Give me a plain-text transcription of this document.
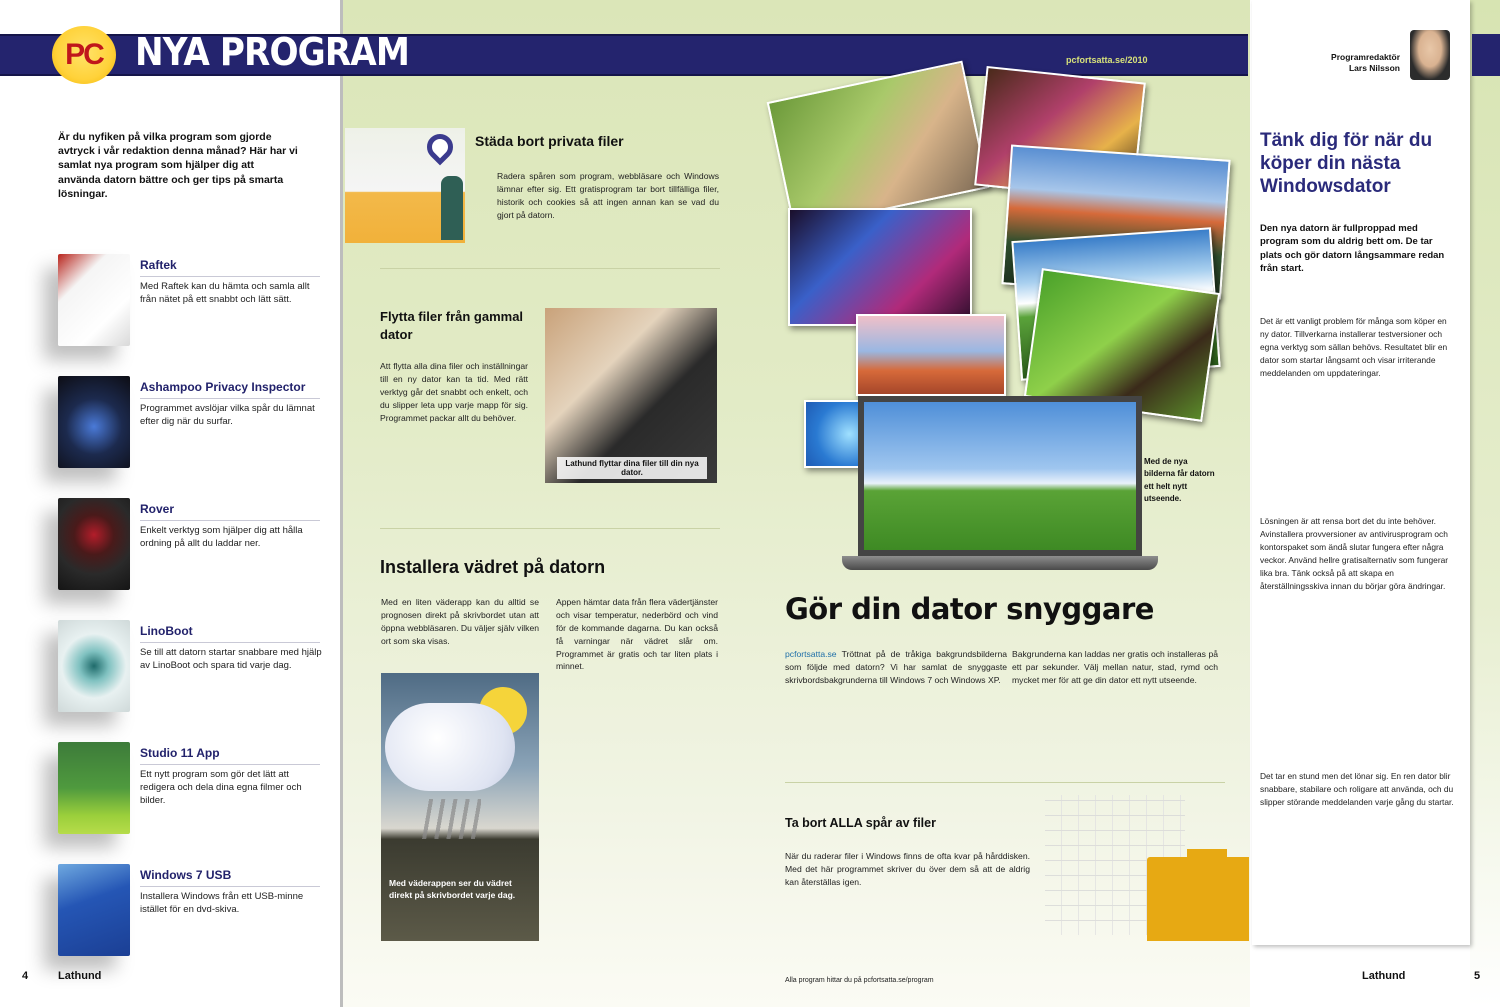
PC NYA PROGRAM	pcfortsatta.se/2010
Är du nyfiken på vilka program som gjorde avtryck i vår redaktion denna månad? Här har vi samlat nya program som hjälper dig att använda datorn bättre och ger tips på smarta lösningar.
Raftek
Med Raftek kan du hämta och samla allt från nätet på ett snabbt och lätt sätt.
Ashampoo Privacy Inspector
Programmet avslöjar vilka spår du lämnat efter dig när du surfar.
Rover
Enkelt verktyg som hjälper dig att hålla ordning på allt du laddar ner.
LinoBoot
Se till att datorn startar snabbare med hjälp av LinoBoot och spara tid varje dag.
Studio 11 App
Ett nytt program som gör det lätt att redigera och dela dina egna filmer och bilder.
Windows 7 USB
Installera Windows från ett USB-minne istället för en dvd-skiva.
4	Lathund
Städa bort privata filer
Radera spåren som program, webbläsare och Windows lämnar efter sig. Ett gratisprogram tar bort tillfälliga filer, historik och cookies så att ingen annan kan se vad du gjort på datorn.
Flytta filer från gammal dator
Att flytta alla dina filer och inställningar till en ny dator kan ta tid. Med rätt verktyg går det snabbt och enkelt, och du slipper leta upp varje mapp för sig. Programmet packar allt du behöver.
Lathund flyttar dina filer till din nya dator.
Installera vädret på datorn
Med en liten väderapp kan du alltid se prognosen direkt på skrivbordet utan att öppna webbläsaren. Du väljer själv vilken ort som ska visas.
Med väderappen ser du vädret direkt på skrivbordet varje dag.
Appen hämtar data från flera vädertjänster och visar temperatur, nederbörd och vind för de kommande dagarna. Du kan också få varningar när vädret slår om. Programmet är gratis och tar liten plats i minnet.
Med de nya bilderna får datorn ett helt nytt utseende.
Gör din dator snyggare
pcfortsatta.se Tröttnat på de tråkiga bakgrundsbilderna som följde med datorn? Vi har samlat de snyggaste skrivbordsbakgrunderna till Windows 7 och Windows XP.
Bakgrunderna kan laddas ner gratis och installeras på ett par sekunder. Välj mellan natur, stad, rymd och mycket mer för att ge din dator ett nytt utseende.
Ta bort ALLA spår av filer
När du raderar filer i Windows finns de ofta kvar på hårddisken. Med det här programmet skriver du över dem så att de aldrig kan återställas igen.
Alla program hittar du på pcfortsatta.se/program
Programredaktör
Lars Nilsson
Tänk dig för när du köper din nästa Windowsdator
Den nya datorn är fullproppad med program som du aldrig bett om. De tar plats och gör datorn långsammare redan från start.
Det är ett vanligt problem för många som köper en ny dator. Tillverkarna installerar testversioner och egna verktyg som sällan behövs. Resultatet blir en dator som startar långsamt och visar irriterande meddelanden om uppdateringar.
Lösningen är att rensa bort det du inte behöver. Avinstallera provversioner av antivirusprogram och kontorspaket som ändå slutar fungera efter några veckor. Använd hellre gratisalternativ som fungerar lika bra. Tänk också på att skapa en återställningsskiva innan du börjar göra ändringar.
Det tar en stund men det lönar sig. En ren dator blir snabbare, stabilare och roligare att använda, och du slipper störande meddelanden varje gång du startar.
Lathund	5
